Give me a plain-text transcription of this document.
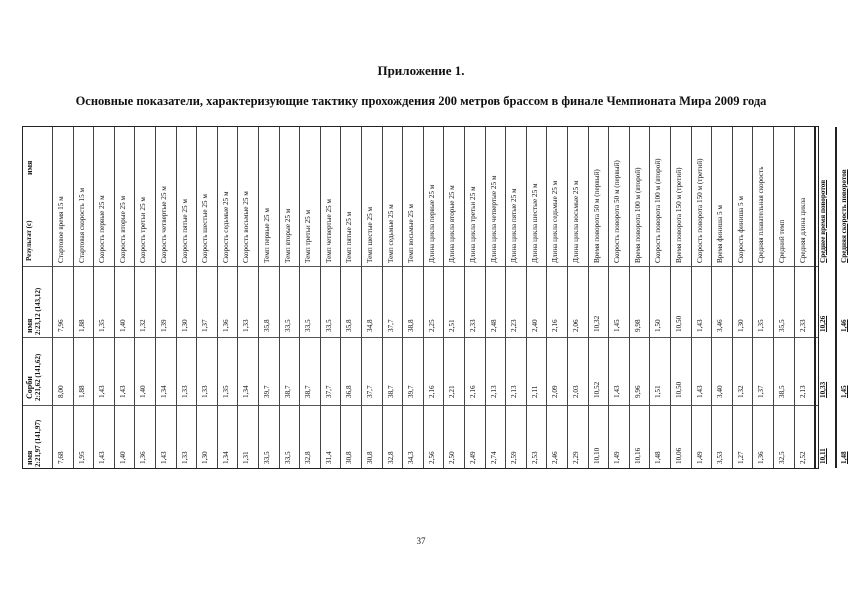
Приложение 1.
Основные показатели, характеризующие тактику прохождения 200 метров брассом в финале Чемпионата Мира 2009 года
имя
Результат (с)
имя 2:23,12 (143,12)
Сорби 2:21,62 (141,62)
имя 2:21,97 (141,97)
Стартовое время 15 м
7,96
8,00
7,68
Стартовая скорость 15 м
1,88
1,88
1,95
Скорость первые 25 м
1,35
1,43
1,43
Скорость вторые 25 м
1,40
1,43
1,40
Скорость третьи 25 м
1,32
1,40
1,36
Скорость четвертые 25 м
1,39
1,34
1,43
Скорость пятые 25 м
1,30
1,33
1,33
Скорость шестые 25 м
1,37
1,33
1,30
Скорость седьмые 25 м
1,36
1,35
1,34
Скорость восьмые 25 м
1,33
1,34
1,31
Темп первые 25 м
35,8
39,7
33,5
Темп вторые 25 м
33,5
38,7
33,5
Темп третьи 25 м
33,5
38,7
32,8
Темп четвертые 25 м
33,5
37,7
31,4
Темп пятые 25 м
35,8
36,8
30,8
Темп шестые 25 м
34,8
37,7
30,8
Темп седьмые 25 м
37,7
38,7
32,8
Темп восьмые 25 м
38,8
39,7
34,3
Длина цикла первые 25 м
2,25
2,16
2,56
Длина цикла вторые 25 м
2,51
2,21
2,50
Длина цикла третьи 25 м
2,33
2,16
2,49
Длина цикла четвертые 25 м
2,48
2,13
2,74
Длина цикла пятые 25 м
2,23
2,13
2,59
Длина цикла шестые 25 м
2,40
2,11
2,53
Длина цикла седьмые 25 м
2,16
2,09
2,46
Длина цикла восьмые 25 м
2,06
2,03
2,29
Время поворота 50 м (первый)
10,32
10,52
10,10
Скорость поворота 50 м (первый)
1,45
1,43
1,49
Время поворота 100 м (второй)
9,98
9,96
10,16
Скорость поворота 100 м (второй)
1,50
1,51
1,48
Время поворота 150 м (третий)
10,50
10,50
10,06
Скорость поворота 150 м (третий)
1,43
1,43
1,49
Время финиша 5 м
3,46
3,40
3,53
Скорость финиша 5 м
1,30
1,32
1,27
Средняя плавательная скорость
1,35
1,37
1,36
Средний темп
35,5
38,5
32,5
Средняя длина цикла
2,33
2,13
2,52
Среднее время поворотов
10,26
10,33
10,11
Средняя скорость поворотов
1,46
1,45
1,48
37
